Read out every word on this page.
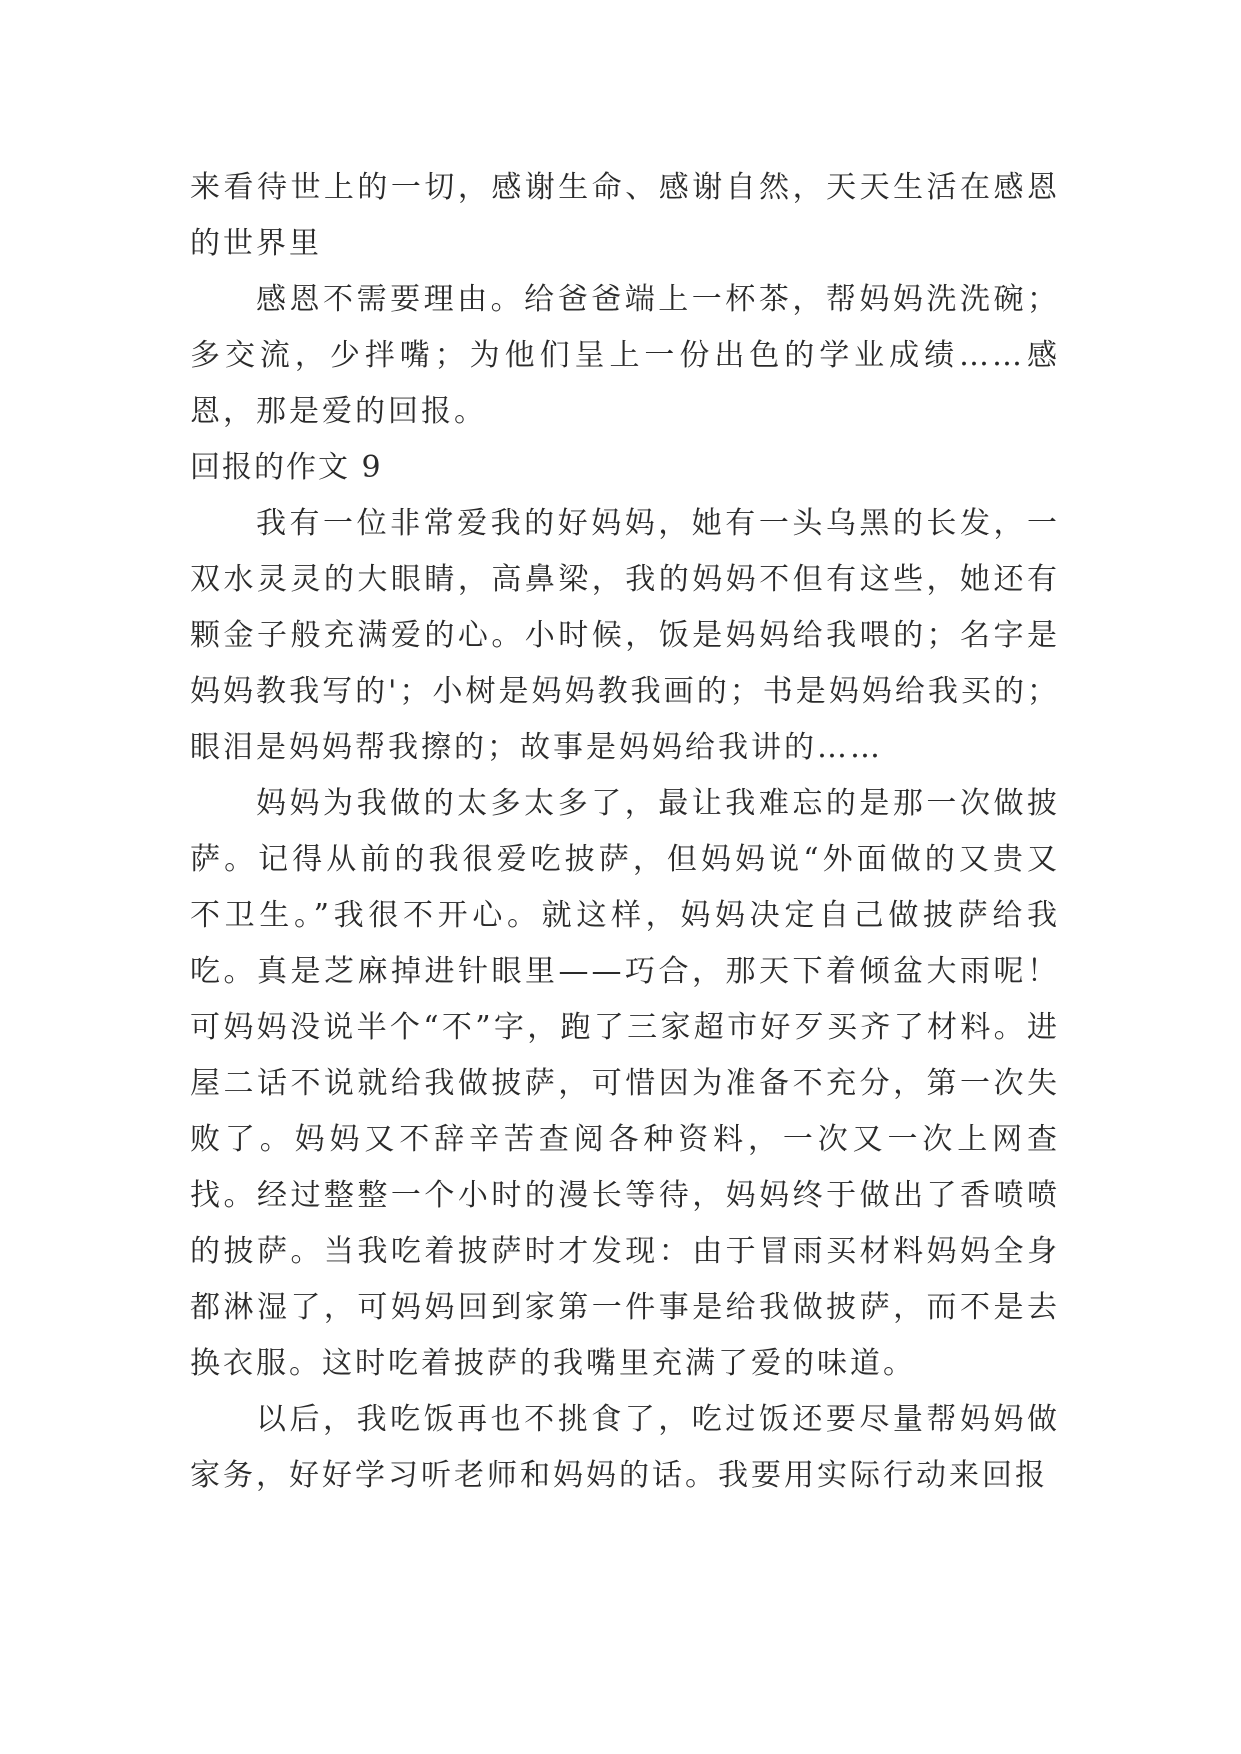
来看待世上的一切，感谢生命、感谢自然，天天生活在感恩的世界里

感恩不需要理由。给爸爸端上一杯茶，帮妈妈洗洗碗；多交流，少拌嘴；为他们呈上一份出色的学业成绩……感恩，那是爱的回报。

回报的作文 9

我有一位非常爱我的好妈妈，她有一头乌黑的长发，一双水灵灵的大眼睛，高鼻梁，我的妈妈不但有这些，她还有颗金子般充满爱的心。小时候，饭是妈妈给我喂的；名字是妈妈教我写的'；小树是妈妈教我画的；书是妈妈给我买的；眼泪是妈妈帮我擦的；故事是妈妈给我讲的……

妈妈为我做的太多太多了，最让我难忘的是那一次做披萨。记得从前的我很爱吃披萨，但妈妈说“外面做的又贵又不卫生。”我很不开心。就这样，妈妈决定自己做披萨给我吃。真是芝麻掉进针眼里——巧合，那天下着倾盆大雨呢！可妈妈没说半个“不”字，跑了三家超市好歹买齐了材料。进屋二话不说就给我做披萨，可惜因为准备不充分，第一次失败了。妈妈又不辞辛苦查阅各种资料，一次又一次上网查找。经过整整一个小时的漫长等待，妈妈终于做出了香喷喷的披萨。当我吃着披萨时才发现：由于冒雨买材料妈妈全身都淋湿了，可妈妈回到家第一件事是给我做披萨，而不是去换衣服。这时吃着披萨的我嘴里充满了爱的味道。

以后，我吃饭再也不挑食了，吃过饭还要尽量帮妈妈做家务，好好学习听老师和妈妈的话。我要用实际行动来回报
